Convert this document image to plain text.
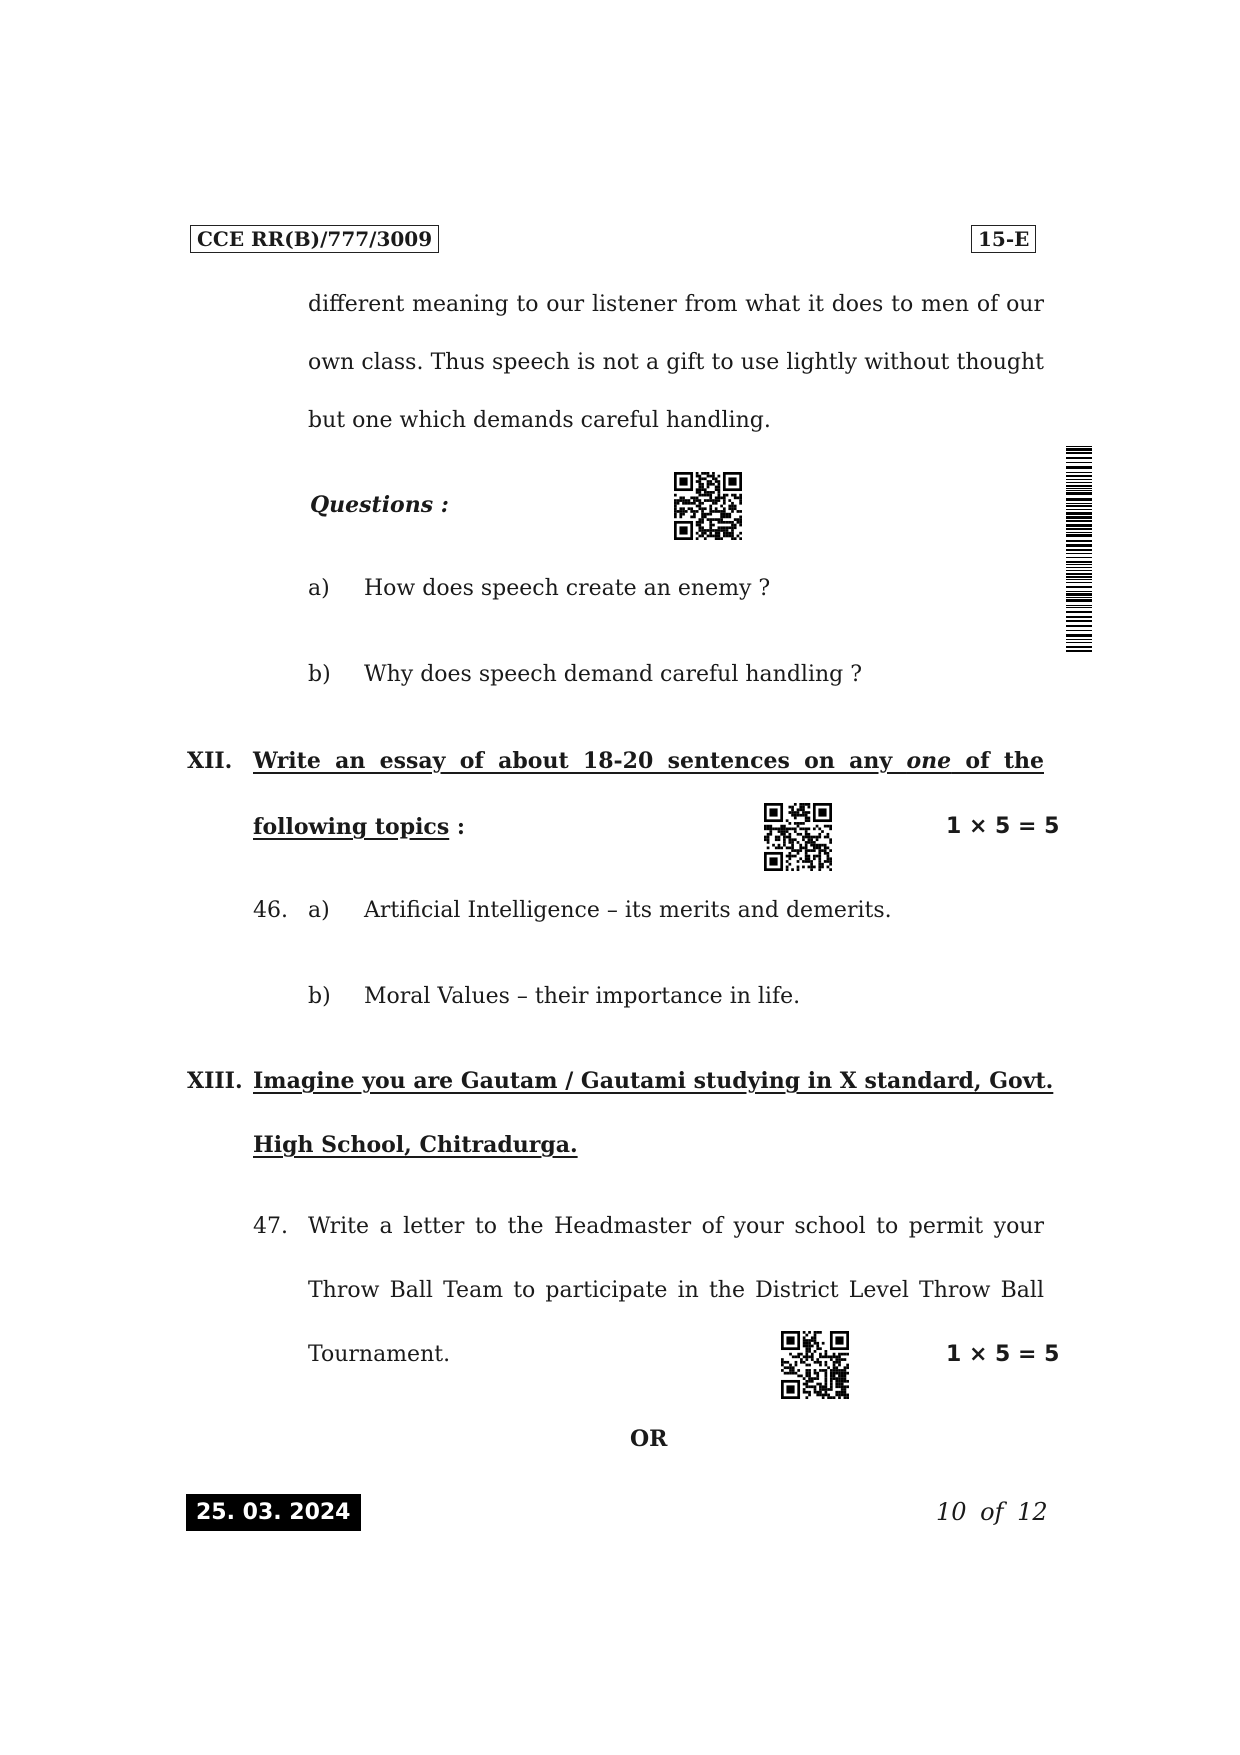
CCE RR(B)/777/3009	15-E
different meaning to our listener from what it does to men of our
own class. Thus speech is not a gift to use lightly without thought
but one which demands careful handling.
Questions :
a) How does speech create an enemy ?
b) Why does speech demand careful handling ?
XII. Write an essay of about 18-20 sentences on any one of the
following topics :	1 × 5 = 5
46. a) Artificial Intelligence – its merits and demerits.
b) Moral Values – their importance in life.
XIII. Imagine you are Gautam / Gautami studying in X standard, Govt.
High School, Chitradurga.
47. Write a letter to the Headmaster of your school to permit your
Throw Ball Team to participate in the District Level Throw Ball
Tournament.	1 × 5 = 5
OR
25. 03. 2024	10 of 12
